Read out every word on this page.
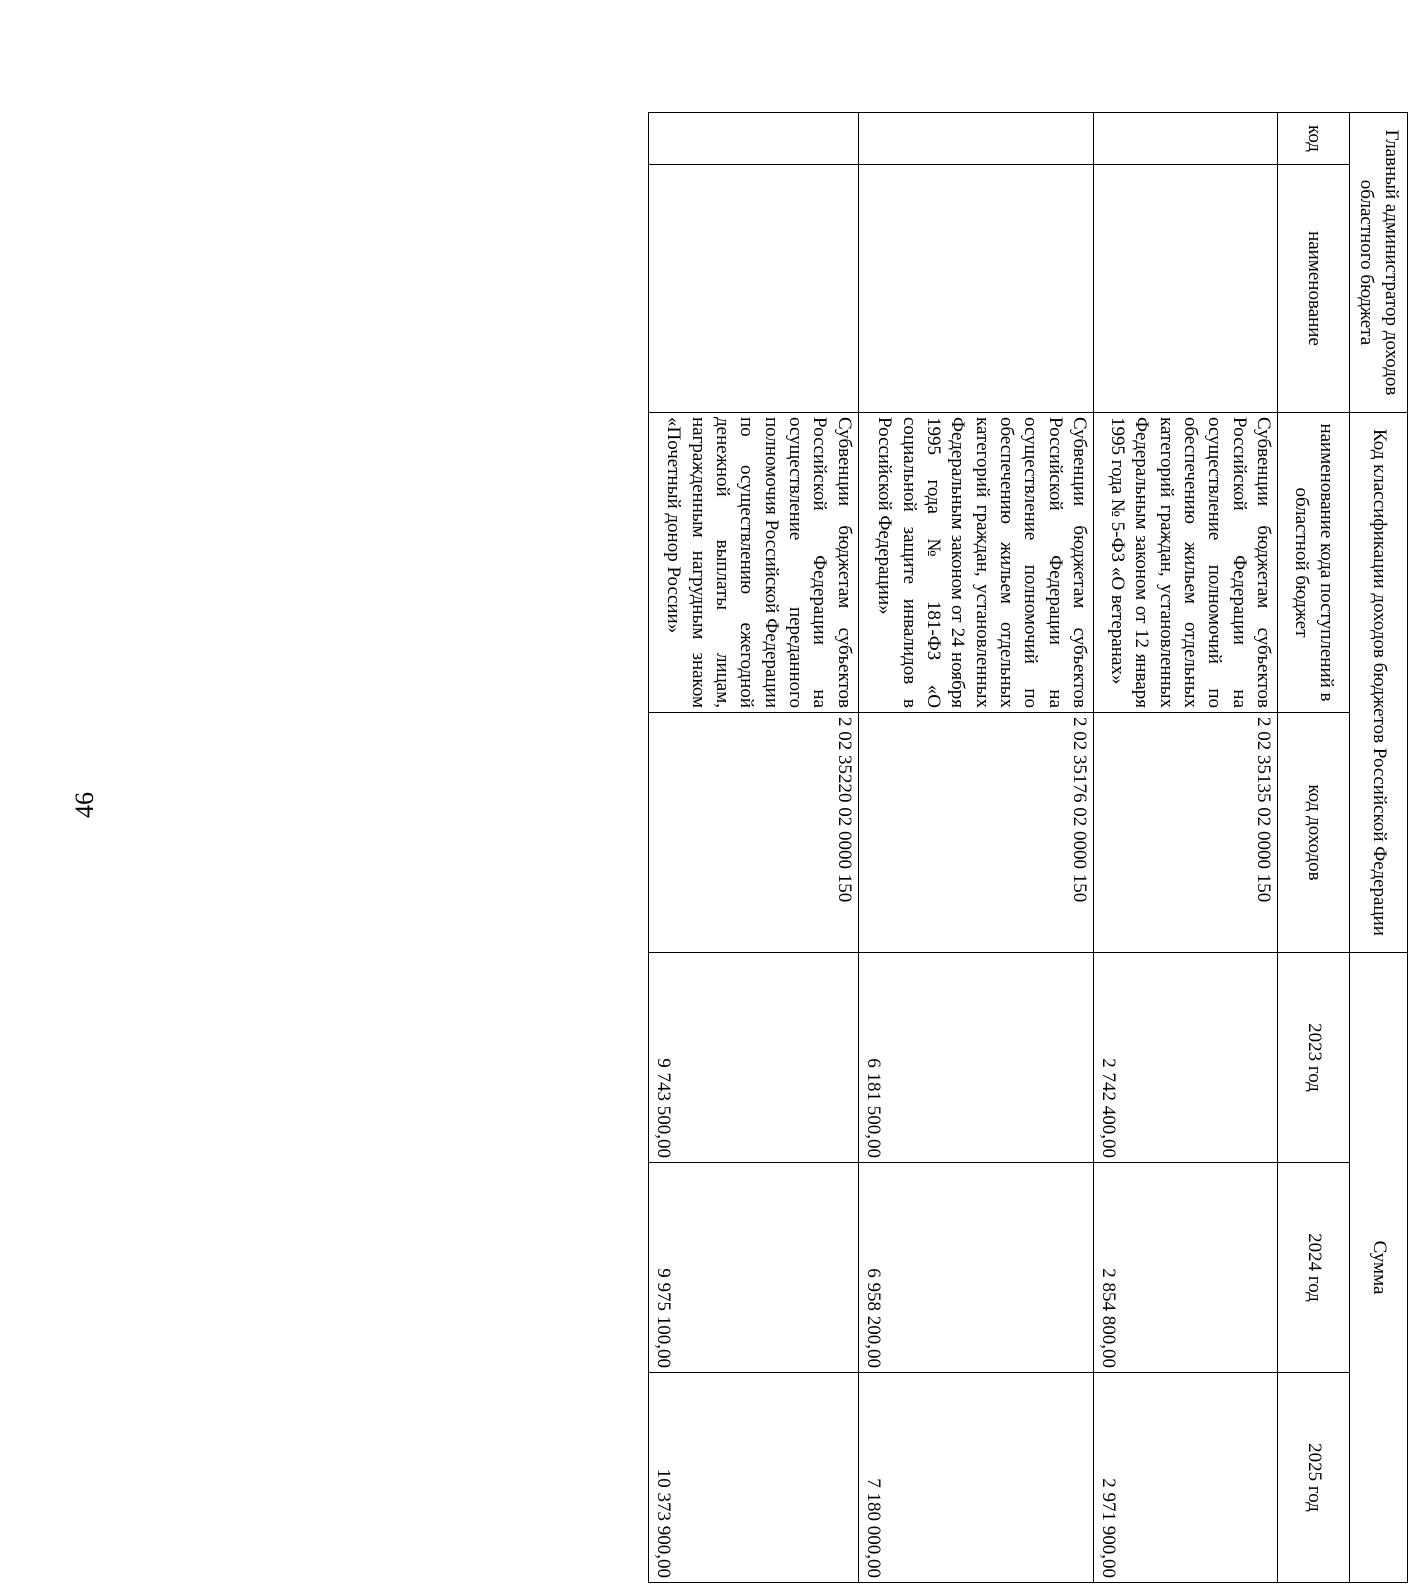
46
Главный администратор доходов областного бюджета		Код классификации доходов бюджетов Российской Федерации		Сумма		
код	наименование	наименование кода поступлений в областной бюджет	код доходов	2023 год	2024 год	2025 год
		Субвенции бюджетам субъектов Российской Федерации на осуществление полномочий по обеспечению жильем отдельных категорий граждан, установленных Федеральным законом от 12 января 1995 года № 5-ФЗ «О ветеранах»	2 02 35135 02 0000 150	2 742 400,00	2 854 800,00	2 971 900,00
		Субвенции бюджетам субъектов Российской Федерации на осуществление полномочий по обеспечению жильем отдельных категорий граждан, установленных Федеральным законом от 24 ноября 1995 года № 181-ФЗ «О социальной защите инвалидов в Российской Федерации»	2 02 35176 02 0000 150	6 181 500,00	6 958 200,00	7 180 000,00
		Субвенции бюджетам субъектов Российской Федерации на осуществление переданного полномочия Российской Федерации по осуществлению ежегодной денежной выплаты лицам, награжденным нагрудным знаком «Почетный донор России»	2 02 35220 02 0000 150	9 743 500,00	9 975 100,00	10 373 900,00
